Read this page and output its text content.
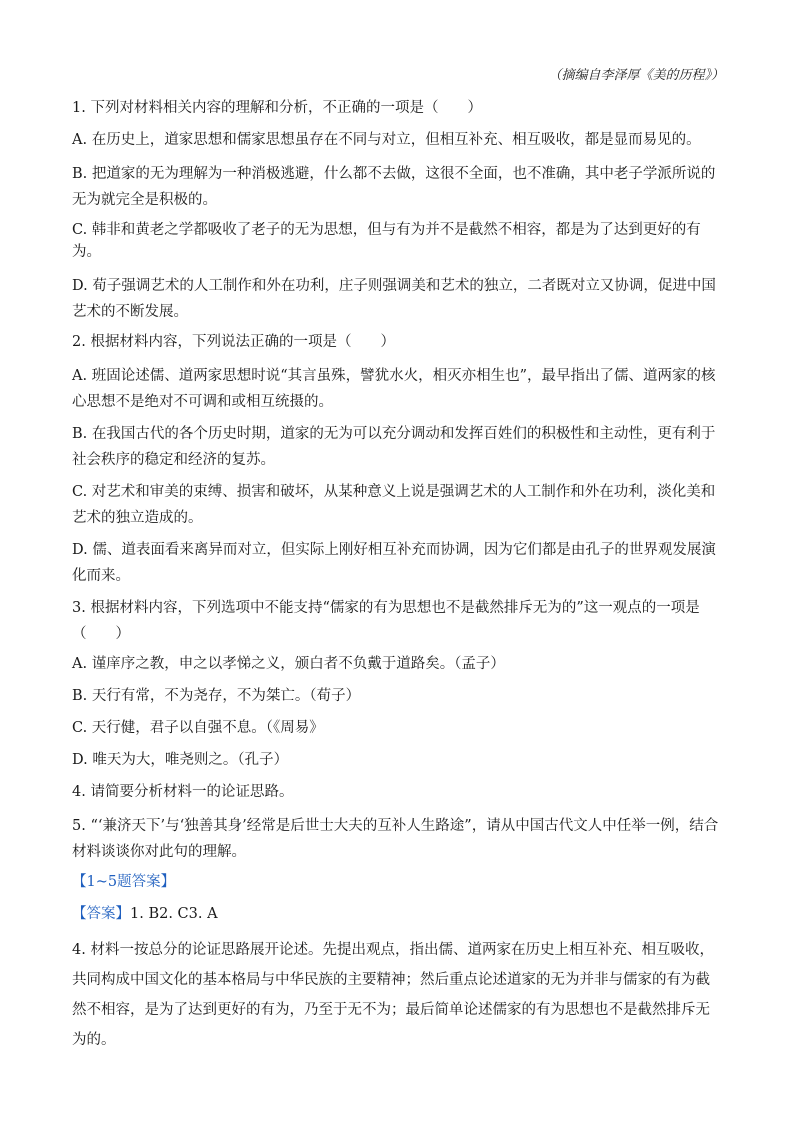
（摘编自李泽厚《美的历程》）
1. 下列对材料相关内容的理解和分析，不正确的一项是（　　）
A. 在历史上，道家思想和儒家思想虽存在不同与对立，但相互补充、相互吸收，都是显而易见的。
B. 把道家的无为理解为一种消极逃避，什么都不去做，这很不全面，也不准确，其中老子学派所说的无为就完全是积极的。
C. 韩非和黄老之学都吸收了老子的无为思想，但与有为并不是截然不相容，都是为了达到更好的有为。
D. 荀子强调艺术的人工制作和外在功利，庄子则强调美和艺术的独立，二者既对立又协调，促进中国艺术的不断发展。
2. 根据材料内容，下列说法正确的一项是（　　）
A. 班固论述儒、道两家思想时说“其言虽殊，譬犹水火，相灭亦相生也”，最早指出了儒、道两家的核心思想不是绝对不可调和或相互统摄的。
B. 在我国古代的各个历史时期，道家的无为可以充分调动和发挥百姓们的积极性和主动性，更有利于社会秩序的稳定和经济的复苏。
C. 对艺术和审美的束缚、损害和破坏，从某种意义上说是强调艺术的人工制作和外在功利，淡化美和艺术的独立造成的。
D. 儒、道表面看来离异而对立，但实际上刚好相互补充而协调，因为它们都是由孔子的世界观发展演化而来。
3. 根据材料内容，下列选项中不能支持“儒家的有为思想也不是截然排斥无为的”这一观点的一项是（　　）
A. 谨庠序之教，申之以孝悌之义，颁白者不负戴于道路矣。（孟子）
B. 天行有常，不为尧存，不为桀亡。（荀子）
C. 天行健，君子以自强不息。（《周易》
D. 唯天为大，唯尧则之。（孔子）
4. 请简要分析材料一的论证思路。
5. “‘兼济天下’与‘独善其身’经常是后世士大夫的互补人生路途”，请从中国古代文人中任举一例，结合材料谈谈你对此句的理解。
【1~5题答案】
【答案】1. B2. C3. A

4. 材料一按总分的论证思路展开论述。先提出观点，指出儒、道两家在历史上相互补充、相互吸收，共同构成中国文化的基本格局与中华民族的主要精神；然后重点论述道家的无为并非与儒家的有为截然不相容，是为了达到更好的有为，乃至于无不为；最后简单论述儒家的有为思想也不是截然排斥无为的。
